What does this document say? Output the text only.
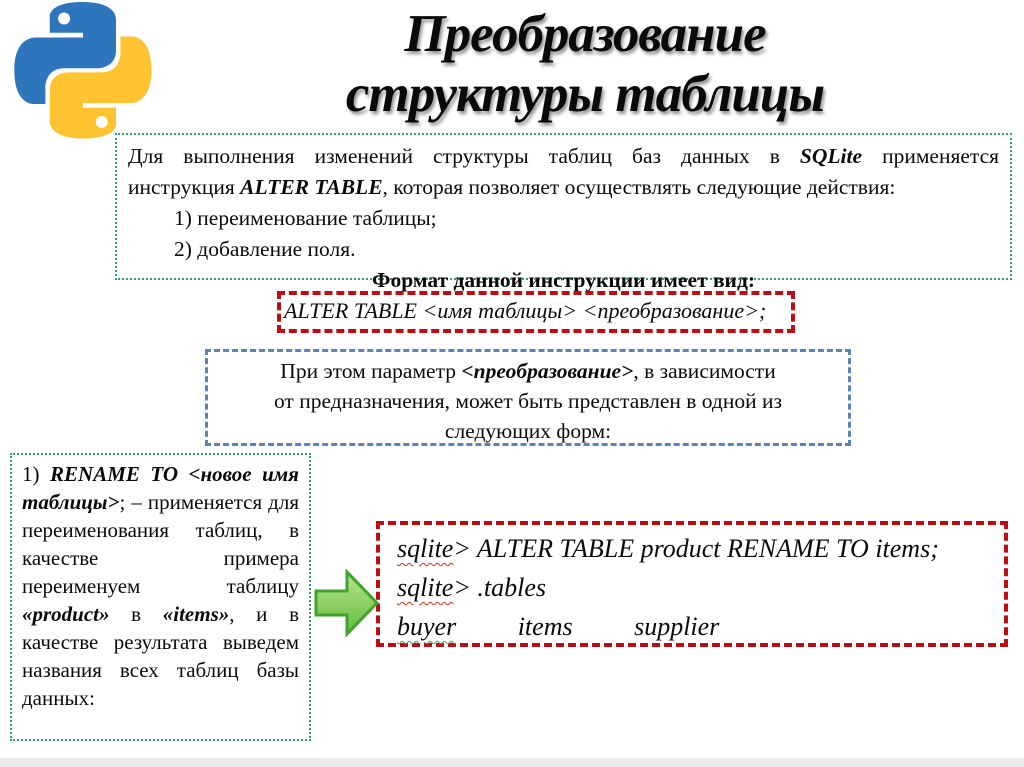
Преобразование
структуры таблицы
Для выполнения изменений структуры таблиц баз данных в SQLite применяется
инструкция ALTER TABLE, которая позволяет осуществлять следующие действия:
1) переименование таблицы;
2) добавление поля.
Формат данной инструкции имеет вид:
ALTER TABLE <имя таблицы> <преобразование>;
При этом параметр <преобразование>, в зависимости
от предназначения, может быть представлен в одной из
следующих форм:
1) RENAME TO <новое имя таблицы>; – применяется для переименования таблиц, в качестве примера переименуем таблицу «product» в «items», и в качестве результата выведем названия всех таблиц базы данных:
sqlite> ALTER TABLE product RENAME TO items;
sqlite> .tables
buyer items supplier
